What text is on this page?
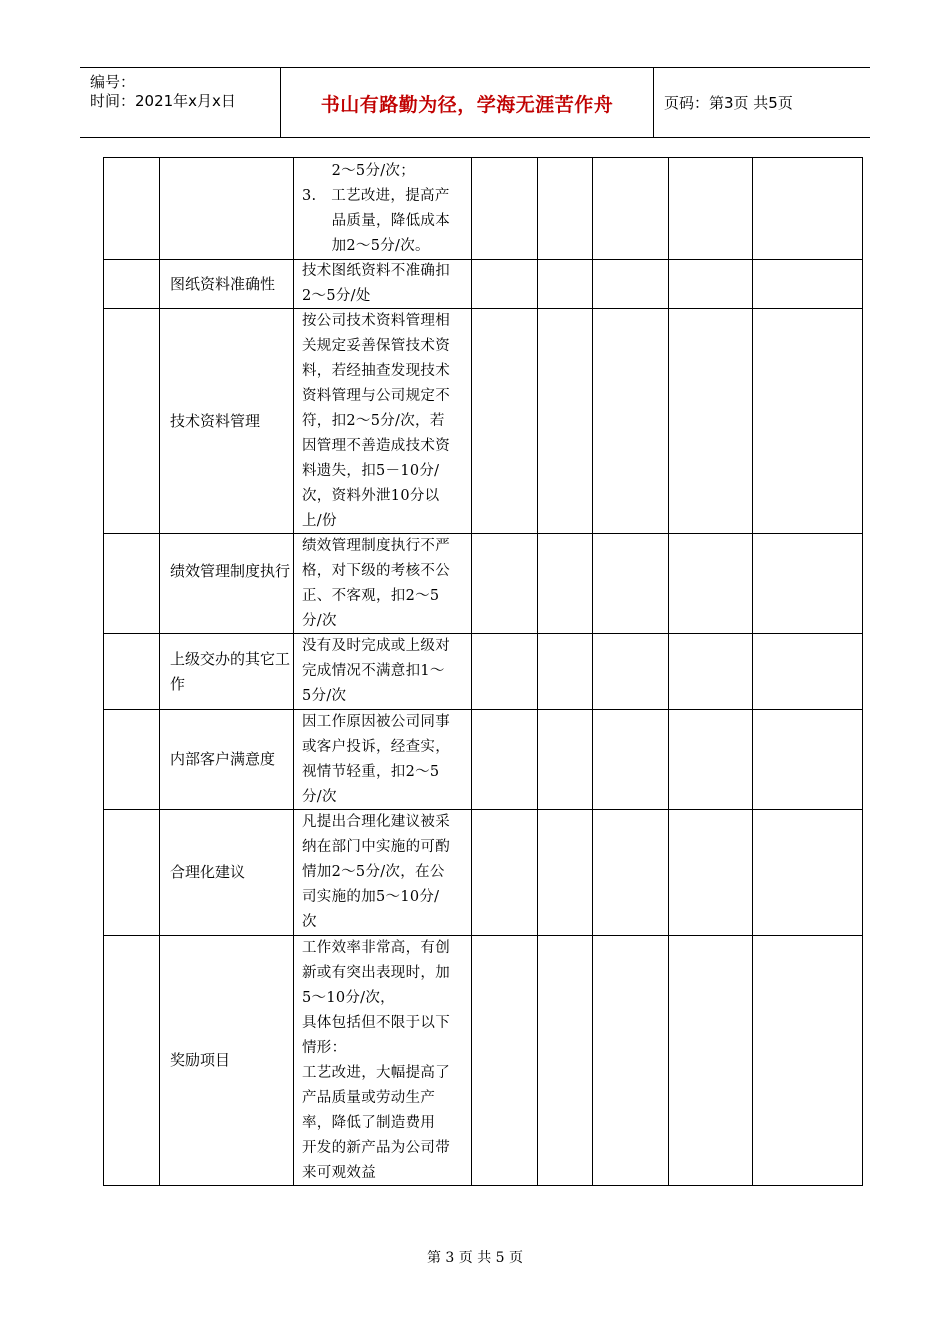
编号：
时间：2021年x月x日	书山有路勤为径，学海无涯苦作舟	页码：第3页 共5页
　　2～5分/次；
3.　工艺改进，提高产
　　品质量，降低成本
　　加2～5分/次。
图纸资料准确性
技术图纸资料不准确扣
2～5分/处
技术资料管理
按公司技术资料管理相
关规定妥善保管技术资
料，若经抽查发现技术
资料管理与公司规定不
符，扣2～5分/次，若
因管理不善造成技术资
料遗失，扣5－10分/
次，资料外泄10分以
上/份
绩效管理制度执行
绩效管理制度执行不严
格，对下级的考核不公
正、不客观，扣2～5
分/次
上级交办的其它工作
没有及时完成或上级对
完成情况不满意扣1～
5分/次
内部客户满意度
因工作原因被公司同事
或客户投诉，经查实，
视情节轻重，扣2～5
分/次
合理化建议
凡提出合理化建议被采
纳在部门中实施的可酌
情加2～5分/次，在公
司实施的加5～10分/
次
奖励项目
工作效率非常高，有创
新或有突出表现时，加
5～10分/次，
具体包括但不限于以下
情形：
工艺改进，大幅提高了
产品质量或劳动生产
率，降低了制造费用
开发的新产品为公司带
来可观效益
第 3 页 共 5 页
